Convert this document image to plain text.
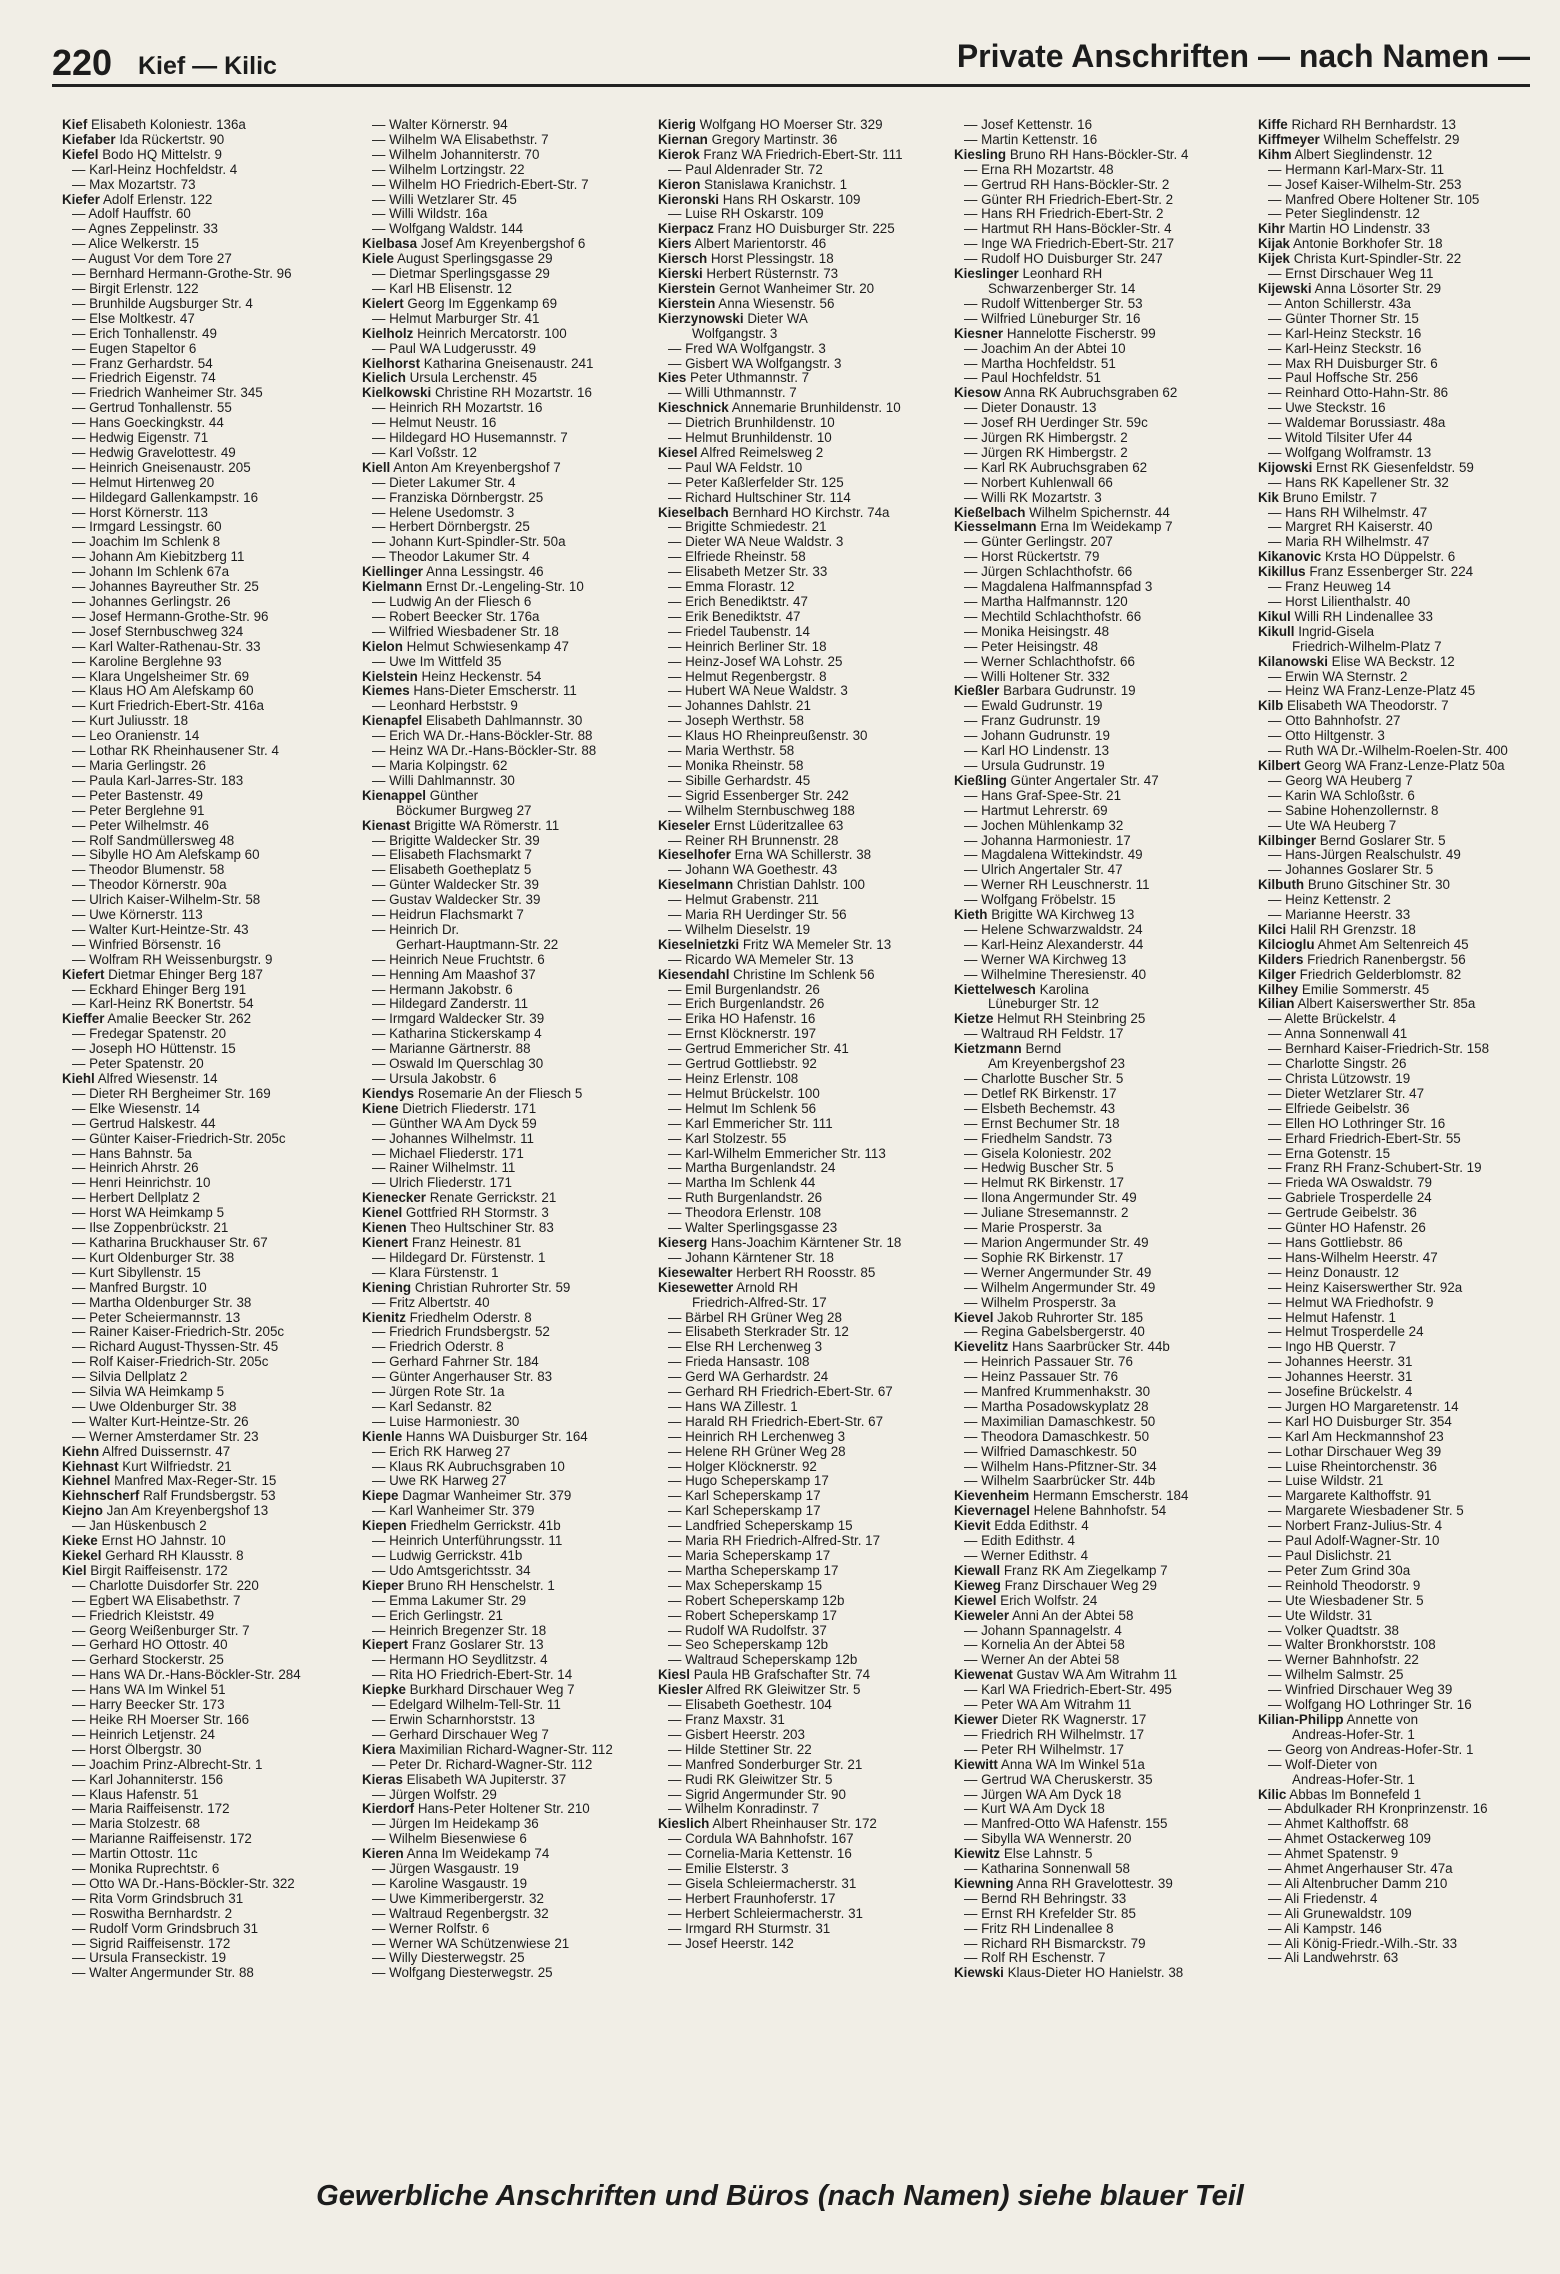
220 Kief — Kilic	Private Anschriften — nach Namen —
Kief Elisabeth Koloniestr. 136a
Kiefaber Ida Rückertstr. 90
Kiefel Bodo HQ Mittelstr. 9
— Karl-Heinz Hochfeldstr. 4
— Max Mozartstr. 73
Kiefer Adolf Erlenstr. 122
— Adolf Hauffstr. 60
— Agnes Zeppelinstr. 33
— Alice Welkerstr. 15
— August Vor dem Tore 27
— Bernhard Hermann-Grothe-Str. 96
— Birgit Erlenstr. 122
— Brunhilde Augsburger Str. 4
— Else Moltkestr. 47
— Erich Tonhallenstr. 49
— Eugen Stapeltor 6
— Franz Gerhardstr. 54
— Friedrich Eigenstr. 74
— Friedrich Wanheimer Str. 345
— Gertrud Tonhallenstr. 55
— Hans Goeckingkstr. 44
— Hedwig Eigenstr. 71
— Hedwig Gravelottestr. 49
— Heinrich Gneisenaustr. 205
— Helmut Hirtenweg 20
— Hildegard Gallenkampstr. 16
— Horst Körnerstr. 113
— Irmgard Lessingstr. 60
— Joachim Im Schlenk 8
— Johann Am Kiebitzberg 11
— Johann Im Schlenk 67a
— Johannes Bayreuther Str. 25
— Johannes Gerlingstr. 26
— Josef Hermann-Grothe-Str. 96
— Josef Sternbuschweg 324
— Karl Walter-Rathenau-Str. 33
— Karoline Berglehne 93
— Klara Ungelsheimer Str. 69
— Klaus HO Am Alefskamp 60
— Kurt Friedrich-Ebert-Str. 416a
— Kurt Juliusstr. 18
— Leo Oranienstr. 14
— Lothar RK Rheinhausener Str. 4
— Maria Gerlingstr. 26
— Paula Karl-Jarres-Str. 183
— Peter Bastenstr. 49
— Peter Berglehne 91
— Peter Wilhelmstr. 46
— Rolf Sandmüllersweg 48
— Sibylle HO Am Alefskamp 60
— Theodor Blumenstr. 58
— Theodor Körnerstr. 90a
— Ulrich Kaiser-Wilhelm-Str. 58
— Uwe Körnerstr. 113
— Walter Kurt-Heintze-Str. 43
— Winfried Börsenstr. 16
— Wolfram RH Weissenburgstr. 9
Kiefert Dietmar Ehinger Berg 187
— Eckhard Ehinger Berg 191
— Karl-Heinz RK Bonertstr. 54
Kieffer Amalie Beecker Str. 262
— Fredegar Spatenstr. 20
— Joseph HO Hüttenstr. 15
— Peter Spatenstr. 20
Kiehl Alfred Wiesenstr. 14
— Dieter RH Bergheimer Str. 169
— Elke Wiesenstr. 14
— Gertrud Halskestr. 44
— Günter Kaiser-Friedrich-Str. 205c
— Hans Bahnstr. 5a
— Heinrich Ahrstr. 26
— Henri Heinrichstr. 10
— Herbert Dellplatz 2
— Horst WA Heimkamp 5
— Ilse Zoppenbrückstr. 21
— Katharina Bruckhauser Str. 67
— Kurt Oldenburger Str. 38
— Kurt Sibyllenstr. 15
— Manfred Burgstr. 10
— Martha Oldenburger Str. 38
— Peter Scheiermannstr. 13
— Rainer Kaiser-Friedrich-Str. 205c
— Richard August-Thyssen-Str. 45
— Rolf Kaiser-Friedrich-Str. 205c
— Silvia Dellplatz 2
— Silvia WA Heimkamp 5
— Uwe Oldenburger Str. 38
— Walter Kurt-Heintze-Str. 26
— Werner Amsterdamer Str. 23
Kiehn Alfred Duissernstr. 47
Kiehnast Kurt Wilfriedstr. 21
Kiehnel Manfred Max-Reger-Str. 15
Kiehnscherf Ralf Frundsbergstr. 53
Kiejno Jan Am Kreyenbergshof 13
— Jan Hüskenbusch 2
Kieke Ernst HO Jahnstr. 10
Kiekel Gerhard RH Klausstr. 8
Kiel Birgit Raiffeisenstr. 172
— Charlotte Duisdorfer Str. 220
— Egbert WA Elisabethstr. 7
— Friedrich Kleiststr. 49
— Georg Weißenburger Str. 7
— Gerhard HO Ottostr. 40
— Gerhard Stockerstr. 25
— Hans WA Dr.-Hans-Böckler-Str. 284
— Hans WA Im Winkel 51
— Harry Beecker Str. 173
— Heike RH Moerser Str. 166
— Heinrich Letjenstr. 24
— Horst Ölbergstr. 30
— Joachim Prinz-Albrecht-Str. 1
— Karl Johanniterstr. 156
— Klaus Hafenstr. 51
— Maria Raiffeisenstr. 172
— Maria Stolzestr. 68
— Marianne Raiffeisenstr. 172
— Martin Ottostr. 11c
— Monika Ruprechtstr. 6
— Otto WA Dr.-Hans-Böckler-Str. 322
— Rita Vorm Grindsbruch 31
— Roswitha Bernhardstr. 2
— Rudolf Vorm Grindsbruch 31
— Sigrid Raiffeisenstr. 172
— Ursula Franseckistr. 19
— Walter Angermunder Str. 88
— Walter Körnerstr. 94
— Wilhelm WA Elisabethstr. 7
— Wilhelm Johanniterstr. 70
— Wilhelm Lortzingstr. 22
— Wilhelm HO Friedrich-Ebert-Str. 7
— Willi Wetzlarer Str. 45
— Willi Wildstr. 16a
— Wolfgang Waldstr. 144
Kielbasa Josef Am Kreyenbergshof 6
Kiele August Sperlingsgasse 29
— Dietmar Sperlingsgasse 29
— Karl HB Elisenstr. 12
Kielert Georg Im Eggenkamp 69
— Helmut Marburger Str. 41
Kielholz Heinrich Mercatorstr. 100
— Paul WA Ludgerusstr. 49
Kielhorst Katharina Gneisenaustr. 241
Kielich Ursula Lerchenstr. 45
Kielkowski Christine RH Mozartstr. 16
— Heinrich RH Mozartstr. 16
— Helmut Neustr. 16
— Hildegard HO Husemannstr. 7
— Karl Voßstr. 12
Kiell Anton Am Kreyenbergshof 7
— Dieter Lakumer Str. 4
— Franziska Dörnbergstr. 25
— Helene Usedomstr. 3
— Herbert Dörnbergstr. 25
— Johann Kurt-Spindler-Str. 50a
— Theodor Lakumer Str. 4
Kiellinger Anna Lessingstr. 46
Kielmann Ernst Dr.-Lengeling-Str. 10
— Ludwig An der Fliesch 6
— Robert Beecker Str. 176a
— Wilfried Wiesbadener Str. 18
Kielon Helmut Schwiesenkamp 47
— Uwe Im Wittfeld 35
Kielstein Heinz Heckenstr. 54
Kiemes Hans-Dieter Emscherstr. 11
— Leonhard Herbststr. 9
Kienapfel Elisabeth Dahlmannstr. 30
— Erich WA Dr.-Hans-Böckler-Str. 88
— Heinz WA Dr.-Hans-Böckler-Str. 88
— Maria Kolpingstr. 62
— Willi Dahlmannstr. 30
Kienappel Günther
Böckumer Burgweg 27
Kienast Brigitte WA Römerstr. 11
— Brigitte Waldecker Str. 39
— Elisabeth Flachsmarkt 7
— Elisabeth Goetheplatz 5
— Günter Waldecker Str. 39
— Gustav Waldecker Str. 39
— Heidrun Flachsmarkt 7
— Heinrich Dr.
Gerhart-Hauptmann-Str. 22
— Heinrich Neue Fruchtstr. 6
— Henning Am Maashof 37
— Hermann Jakobstr. 6
— Hildegard Zanderstr. 11
— Irmgard Waldecker Str. 39
— Katharina Stickerskamp 4
— Marianne Gärtnerstr. 88
— Oswald Im Querschlag 30
— Ursula Jakobstr. 6
Kiendys Rosemarie An der Fliesch 5
Kiene Dietrich Fliederstr. 171
— Günther WA Am Dyck 59
— Johannes Wilhelmstr. 11
— Michael Fliederstr. 171
— Rainer Wilhelmstr. 11
— Ulrich Fliederstr. 171
Kienecker Renate Gerrickstr. 21
Kienel Gottfried RH Stormstr. 3
Kienen Theo Hultschiner Str. 83
Kienert Franz Heinestr. 81
— Hildegard Dr. Fürstenstr. 1
— Klara Fürstenstr. 1
Kiening Christian Ruhrorter Str. 59
— Fritz Albertstr. 40
Kienitz Friedhelm Oderstr. 8
— Friedrich Frundsbergstr. 52
— Friedrich Oderstr. 8
— Gerhard Fahrner Str. 184
— Günter Angerhauser Str. 83
— Jürgen Rote Str. 1a
— Karl Sedanstr. 82
— Luise Harmoniestr. 30
Kienle Hanns WA Duisburger Str. 164
— Erich RK Harweg 27
— Klaus RK Aubruchsgraben 10
— Uwe RK Harweg 27
Kiepe Dagmar Wanheimer Str. 379
— Karl Wanheimer Str. 379
Kiepen Friedhelm Gerrickstr. 41b
— Heinrich Unterführungsstr. 11
— Ludwig Gerrickstr. 41b
— Udo Amtsgerichtsstr. 34
Kieper Bruno RH Henschelstr. 1
— Emma Lakumer Str. 29
— Erich Gerlingstr. 21
— Heinrich Bregenzer Str. 18
Kiepert Franz Goslarer Str. 13
— Hermann HO Seydlitzstr. 4
— Rita HO Friedrich-Ebert-Str. 14
Kiepke Burkhard Dirschauer Weg 7
— Edelgard Wilhelm-Tell-Str. 11
— Erwin Scharnhorststr. 13
— Gerhard Dirschauer Weg 7
Kiera Maximilian Richard-Wagner-Str. 112
— Peter Dr. Richard-Wagner-Str. 112
Kieras Elisabeth WA Jupiterstr. 37
— Jürgen Wolfstr. 29
Kierdorf Hans-Peter Holtener Str. 210
— Jürgen Im Heidekamp 36
— Wilhelm Biesenwiese 6
Kieren Anna Im Weidekamp 74
— Jürgen Wasgaustr. 19
— Karoline Wasgaustr. 19
— Uwe Kimmeribergerstr. 32
— Waltraud Regenbergstr. 32
— Werner Rolfstr. 6
— Werner WA Schützenwiese 21
— Willy Diesterwegstr. 25
— Wolfgang Diesterwegstr. 25
Kierig Wolfgang HO Moerser Str. 329
Kiernan Gregory Martinstr. 36
Kierok Franz WA Friedrich-Ebert-Str. 111
— Paul Aldenrader Str. 72
Kieron Stanislawa Kranichstr. 1
Kieronski Hans RH Oskarstr. 109
— Luise RH Oskarstr. 109
Kierpacz Franz HO Duisburger Str. 225
Kiers Albert Marientorstr. 46
Kiersch Horst Plessingstr. 18
Kierski Herbert Rüsternstr. 73
Kierstein Gernot Wanheimer Str. 20
Kierstein Anna Wiesenstr. 56
Kierzynowski Dieter WA
Wolfgangstr. 3
— Fred WA Wolfgangstr. 3
— Gisbert WA Wolfgangstr. 3
Kies Peter Uthmannstr. 7
— Willi Uthmannstr. 7
Kieschnick Annemarie Brunhildenstr. 10
— Dietrich Brunhildenstr. 10
— Helmut Brunhildenstr. 10
Kiesel Alfred Reimelsweg 2
— Paul WA Feldstr. 10
— Peter Kaßlerfelder Str. 125
— Richard Hultschiner Str. 114
Kieselbach Bernhard HO Kirchstr. 74a
— Brigitte Schmiedestr. 21
— Dieter WA Neue Waldstr. 3
— Elfriede Rheinstr. 58
— Elisabeth Metzer Str. 33
— Emma Florastr. 12
— Erich Benediktstr. 47
— Erik Benediktstr. 47
— Friedel Taubenstr. 14
— Heinrich Berliner Str. 18
— Heinz-Josef WA Lohstr. 25
— Helmut Regenbergstr. 8
— Hubert WA Neue Waldstr. 3
— Johannes Dahlstr. 21
— Joseph Werthstr. 58
— Klaus HO Rheinpreußenstr. 30
— Maria Werthstr. 58
— Monika Rheinstr. 58
— Sibille Gerhardstr. 45
— Sigrid Essenberger Str. 242
— Wilhelm Sternbuschweg 188
Kieseler Ernst Lüderitzallee 63
— Reiner RH Brunnenstr. 28
Kieselhofer Erna WA Schillerstr. 38
— Johann WA Goethestr. 43
Kieselmann Christian Dahlstr. 100
— Helmut Grabenstr. 211
— Maria RH Uerdinger Str. 56
— Wilhelm Dieselstr. 19
Kieselnietzki Fritz WA Memeler Str. 13
— Ricardo WA Memeler Str. 13
Kiesendahl Christine Im Schlenk 56
— Emil Burgenlandstr. 26
— Erich Burgenlandstr. 26
— Erika HO Hafenstr. 16
— Ernst Klöcknerstr. 197
— Gertrud Emmericher Str. 41
— Gertrud Gottliebstr. 92
— Heinz Erlenstr. 108
— Helmut Brückelstr. 100
— Helmut Im Schlenk 56
— Karl Emmericher Str. 111
— Karl Stolzestr. 55
— Karl-Wilhelm Emmericher Str. 113
— Martha Burgenlandstr. 24
— Martha Im Schlenk 44
— Ruth Burgenlandstr. 26
— Theodora Erlenstr. 108
— Walter Sperlingsgasse 23
Kieserg Hans-Joachim Kärntener Str. 18
— Johann Kärntener Str. 18
Kiesewalter Herbert RH Roosstr. 85
Kiesewetter Arnold RH
Friedrich-Alfred-Str. 17
— Bärbel RH Grüner Weg 28
— Elisabeth Sterkrader Str. 12
— Else RH Lerchenweg 3
— Frieda Hansastr. 108
— Gerd WA Gerhardstr. 24
— Gerhard RH Friedrich-Ebert-Str. 67
— Hans WA Zillestr. 1
— Harald RH Friedrich-Ebert-Str. 67
— Heinrich RH Lerchenweg 3
— Helene RH Grüner Weg 28
— Holger Klöcknerstr. 92
— Hugo Scheperskamp 17
— Karl Scheperskamp 17
— Karl Scheperskamp 17
— Landfried Scheperskamp 15
— Maria RH Friedrich-Alfred-Str. 17
— Maria Scheperskamp 17
— Martha Scheperskamp 17
— Max Scheperskamp 15
— Robert Scheperskamp 12b
— Robert Scheperskamp 17
— Rudolf WA Rudolfstr. 37
— Seo Scheperskamp 12b
— Waltraud Scheperskamp 12b
Kiesl Paula HB Grafschafter Str. 74
Kiesler Alfred RK Gleiwitzer Str. 5
— Elisabeth Goethestr. 104
— Franz Maxstr. 31
— Gisbert Heerstr. 203
— Hilde Stettiner Str. 22
— Manfred Sonderburger Str. 21
— Rudi RK Gleiwitzer Str. 5
— Sigrid Angermunder Str. 90
— Wilhelm Konradinstr. 7
Kieslich Albert Rheinhauser Str. 172
— Cordula WA Bahnhofstr. 167
— Cornelia-Maria Kettenstr. 16
— Emilie Elsterstr. 3
— Gisela Schleiermacherstr. 31
— Herbert Fraunhoferstr. 17
— Herbert Schleiermacherstr. 31
— Irmgard RH Sturmstr. 31
— Josef Heerstr. 142
— Josef Kettenstr. 16
— Martin Kettenstr. 16
Kiesling Bruno RH Hans-Böckler-Str. 4
— Erna RH Mozartstr. 48
— Gertrud RH Hans-Böckler-Str. 2
— Günter RH Friedrich-Ebert-Str. 2
— Hans RH Friedrich-Ebert-Str. 2
— Hartmut RH Hans-Böckler-Str. 4
— Inge WA Friedrich-Ebert-Str. 217
— Rudolf HO Duisburger Str. 247
Kieslinger Leonhard RH
Schwarzenberger Str. 14
— Rudolf Wittenberger Str. 53
— Wilfried Lüneburger Str. 16
Kiesner Hannelotte Fischerstr. 99
— Joachim An der Abtei 10
— Martha Hochfeldstr. 51
— Paul Hochfeldstr. 51
Kiesow Anna RK Aubruchsgraben 62
— Dieter Donaustr. 13
— Josef RH Uerdinger Str. 59c
— Jürgen RK Himbergstr. 2
— Jürgen RK Himbergstr. 2
— Karl RK Aubruchsgraben 62
— Norbert Kuhlenwall 66
— Willi RK Mozartstr. 3
Kießelbach Wilhelm Spichernstr. 44
Kiesselmann Erna Im Weidekamp 7
— Günter Gerlingstr. 207
— Horst Rückertstr. 79
— Jürgen Schlachthofstr. 66
— Magdalena Halfmannspfad 3
— Martha Halfmannstr. 120
— Mechtild Schlachthofstr. 66
— Monika Heisingstr. 48
— Peter Heisingstr. 48
— Werner Schlachthofstr. 66
— Willi Holtener Str. 332
Kießler Barbara Gudrunstr. 19
— Ewald Gudrunstr. 19
— Franz Gudrunstr. 19
— Johann Gudrunstr. 19
— Karl HO Lindenstr. 13
— Ursula Gudrunstr. 19
Kießling Günter Angertaler Str. 47
— Hans Graf-Spee-Str. 21
— Hartmut Lehrerstr. 69
— Jochen Mühlenkamp 32
— Johanna Harmoniestr. 17
— Magdalena Wittekindstr. 49
— Ulrich Angertaler Str. 47
— Werner RH Leuschnerstr. 11
— Wolfgang Fröbelstr. 15
Kieth Brigitte WA Kirchweg 13
— Helene Schwarzwaldstr. 24
— Karl-Heinz Alexanderstr. 44
— Werner WA Kirchweg 13
— Wilhelmine Theresienstr. 40
Kiettelwesch Karolina
Lüneburger Str. 12
Kietze Helmut RH Steinbring 25
— Waltraud RH Feldstr. 17
Kietzmann Bernd
Am Kreyenbergshof 23
— Charlotte Buscher Str. 5
— Detlef RK Birkenstr. 17
— Elsbeth Bechemstr. 43
— Ernst Bechumer Str. 18
— Friedhelm Sandstr. 73
— Gisela Koloniestr. 202
— Hedwig Buscher Str. 5
— Helmut RK Birkenstr. 17
— Ilona Angermunder Str. 49
— Juliane Stresemannstr. 2
— Marie Prosperstr. 3a
— Marion Angermunder Str. 49
— Sophie RK Birkenstr. 17
— Werner Angermunder Str. 49
— Wilhelm Angermunder Str. 49
— Wilhelm Prosperstr. 3a
Kievel Jakob Ruhrorter Str. 185
— Regina Gabelsbergerstr. 40
Kievelitz Hans Saarbrücker Str. 44b
— Heinrich Passauer Str. 76
— Heinz Passauer Str. 76
— Manfred Krummenhakstr. 30
— Martha Posadowskyplatz 28
— Maximilian Damaschkestr. 50
— Theodora Damaschkestr. 50
— Wilfried Damaschkestr. 50
— Wilhelm Hans-Pfitzner-Str. 34
— Wilhelm Saarbrücker Str. 44b
Kievenheim Hermann Emscherstr. 184
Kievernagel Helene Bahnhofstr. 54
Kievit Edda Edithstr. 4
— Edith Edithstr. 4
— Werner Edithstr. 4
Kiewall Franz RK Am Ziegelkamp 7
Kieweg Franz Dirschauer Weg 29
Kiewel Erich Wolfstr. 24
Kieweler Anni An der Abtei 58
— Johann Spannagelstr. 4
— Kornelia An der Abtei 58
— Werner An der Abtei 58
Kiewenat Gustav WA Am Witrahm 11
— Karl WA Friedrich-Ebert-Str. 495
— Peter WA Am Witrahm 11
Kiewer Dieter RK Wagnerstr. 17
— Friedrich RH Wilhelmstr. 17
— Peter RH Wilhelmstr. 17
Kiewitt Anna WA Im Winkel 51a
— Gertrud WA Cheruskerstr. 35
— Jürgen WA Am Dyck 18
— Kurt WA Am Dyck 18
— Manfred-Otto WA Hafenstr. 155
— Sibylla WA Wennerstr. 20
Kiewitz Else Lahnstr. 5
— Katharina Sonnenwall 58
Kiewning Anna RH Gravelottestr. 39
— Bernd RH Behringstr. 33
— Ernst RH Krefelder Str. 85
— Fritz RH Lindenallee 8
— Richard RH Bismarckstr. 79
— Rolf RH Eschenstr. 7
Kiewski Klaus-Dieter HO Hanielstr. 38
Kiffe Richard RH Bernhardstr. 13
Kiffmeyer Wilhelm Scheffelstr. 29
Kihm Albert Sieglindenstr. 12
— Hermann Karl-Marx-Str. 11
— Josef Kaiser-Wilhelm-Str. 253
— Manfred Obere Holtener Str. 105
— Peter Sieglindenstr. 12
Kihr Martin HO Lindenstr. 33
Kijak Antonie Borkhofer Str. 18
Kijek Christa Kurt-Spindler-Str. 22
— Ernst Dirschauer Weg 11
Kijewski Anna Lösorter Str. 29
— Anton Schillerstr. 43a
— Günter Thorner Str. 15
— Karl-Heinz Steckstr. 16
— Karl-Heinz Steckstr. 16
— Max RH Duisburger Str. 6
— Paul Hoffsche Str. 256
— Reinhard Otto-Hahn-Str. 86
— Uwe Steckstr. 16
— Waldemar Borussiastr. 48a
— Witold Tilsiter Ufer 44
— Wolfgang Wolframstr. 13
Kijowski Ernst RK Giesenfeldstr. 59
— Hans RK Kapellener Str. 32
Kik Bruno Emilstr. 7
— Hans RH Wilhelmstr. 47
— Margret RH Kaiserstr. 40
— Maria RH Wilhelmstr. 47
Kikanovic Krsta HO Düppelstr. 6
Kikillus Franz Essenberger Str. 224
— Franz Heuweg 14
— Horst Lilienthalstr. 40
Kikul Willi RH Lindenallee 33
Kikull Ingrid-Gisela
Friedrich-Wilhelm-Platz 7
Kilanowski Elise WA Beckstr. 12
— Erwin WA Sternstr. 2
— Heinz WA Franz-Lenze-Platz 45
Kilb Elisabeth WA Theodorstr. 7
— Otto Bahnhofstr. 27
— Otto Hiltgenstr. 3
— Ruth WA Dr.-Wilhelm-Roelen-Str. 400
Kilbert Georg WA Franz-Lenze-Platz 50a
— Georg WA Heuberg 7
— Karin WA Schloßstr. 6
— Sabine Hohenzollernstr. 8
— Ute WA Heuberg 7
Kilbinger Bernd Goslarer Str. 5
— Hans-Jürgen Realschulstr. 49
— Johannes Goslarer Str. 5
Kilbuth Bruno Gitschiner Str. 30
— Heinz Kettenstr. 2
— Marianne Heerstr. 33
Kilci Halil RH Grenzstr. 18
Kilcioglu Ahmet Am Seltenreich 45
Kilders Friedrich Ranenbergstr. 56
Kilger Friedrich Gelderblomstr. 82
Kilhey Emilie Sommerstr. 45
Kilian Albert Kaiserswerther Str. 85a
— Alette Brückelstr. 4
— Anna Sonnenwall 41
— Bernhard Kaiser-Friedrich-Str. 158
— Charlotte Singstr. 26
— Christa Lützowstr. 19
— Dieter Wetzlarer Str. 47
— Elfriede Geibelstr. 36
— Ellen HO Lothringer Str. 16
— Erhard Friedrich-Ebert-Str. 55
— Erna Gotenstr. 15
— Franz RH Franz-Schubert-Str. 19
— Frieda WA Oswaldstr. 79
— Gabriele Trosperdelle 24
— Gertrude Geibelstr. 36
— Günter HO Hafenstr. 26
— Hans Gottliebstr. 86
— Hans-Wilhelm Heerstr. 47
— Heinz Donaustr. 12
— Heinz Kaiserswerther Str. 92a
— Helmut WA Friedhofstr. 9
— Helmut Hafenstr. 1
— Helmut Trosperdelle 24
— Ingo HB Querstr. 7
— Johannes Heerstr. 31
— Johannes Heerstr. 31
— Josefine Brückelstr. 4
— Jurgen HO Margaretenstr. 14
— Karl HO Duisburger Str. 354
— Karl Am Heckmannshof 23
— Lothar Dirschauer Weg 39
— Luise Rheintorchenstr. 36
— Luise Wildstr. 21
— Margarete Kalthoffstr. 91
— Margarete Wiesbadener Str. 5
— Norbert Franz-Julius-Str. 4
— Paul Adolf-Wagner-Str. 10
— Paul Dislichstr. 21
— Peter Zum Grind 30a
— Reinhold Theodorstr. 9
— Ute Wiesbadener Str. 5
— Ute Wildstr. 31
— Volker Quadtstr. 38
— Walter Bronkhorststr. 108
— Werner Bahnhofstr. 22
— Wilhelm Salmstr. 25
— Winfried Dirschauer Weg 39
— Wolfgang HO Lothringer Str. 16
Kilian-Philipp Annette von
Andreas-Hofer-Str. 1
— Georg von Andreas-Hofer-Str. 1
— Wolf-Dieter von
Andreas-Hofer-Str. 1
Kilic Abbas Im Bonnefeld 1
— Abdulkader RH Kronprinzenstr. 16
— Ahmet Kalthoffstr. 68
— Ahmet Ostackerweg 109
— Ahmet Spatenstr. 9
— Ahmet Angerhauser Str. 47a
— Ali Altenbrucher Damm 210
— Ali Friedenstr. 4
— Ali Grunewaldstr. 109
— Ali Kampstr. 146
— Ali König-Friedr.-Wilh.-Str. 33
— Ali Landwehrstr. 63
Gewerbliche Anschriften und Büros (nach Namen) siehe blauer Teil
